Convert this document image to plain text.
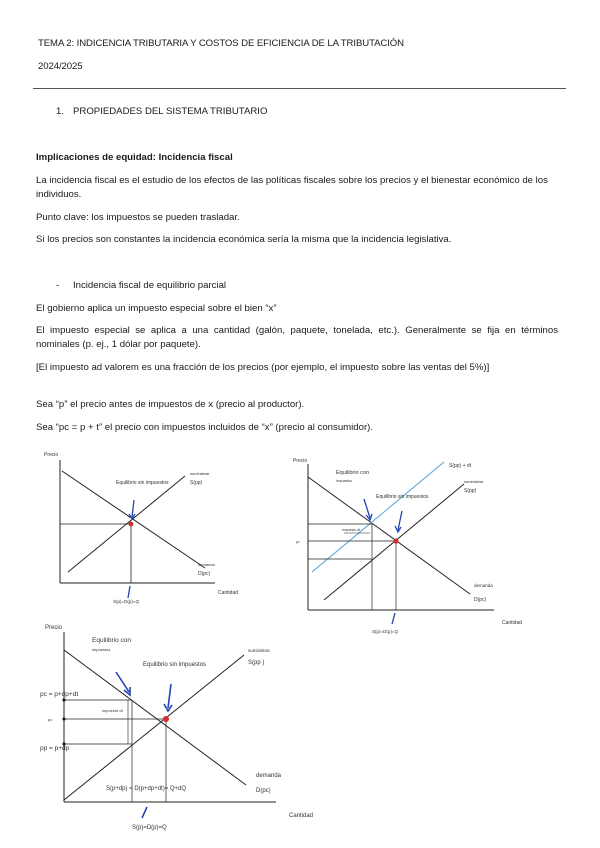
TEMA 2: INDICENCIA TRIBUTARIA Y COSTOS DE EFICIENCIA DE LA TRIBUTACIÓN
2024/2025
1. PROPIEDADES DEL SISTEMA TRIBUTARIO
Implicaciones de equidad: Incidencia fiscal
La incidencia fiscal es el estudio de los efectos de las políticas fiscales sobre los precios y el bienestar económico de los individuos.
Punto clave: los impuestos se pueden trasladar.
Si los precios son constantes la incidencia económica sería la misma que la incidencia legislativa.
- Incidencia fiscal de equilibrio parcial
El gobierno aplica un impuesto especial sobre el bien “x”
El impuesto especial se aplica a una cantidad (galón, paquete, tonelada, etc.). Generalmente se fija en términos nominales (p. ej., 1 dólar por paquete).
[El impuesto ad valorem es una fracción de los precios (por ejemplo, el impuesto sobre las ventas del 5%)]
Sea “p” el precio antes de impuestos de x (precio al productor).
Sea “pc = p + t” el precio con impuestos incluidos de “x” (precio al consumidor).
Precio
Cantidad
Equilibrio sin impuestos
suministrar
S(pp)
demanda
D(pc)
S(p)=D(p)=Q
Precio
Cantidad
Equilibrio con
impuestos
Equilibrio sin impuestos
S(pp) + dt
suministrar
S(pp)
demanda
D(pc)
impuesto dt
pc
S(p)=D(p)=Q
Precio
Cantidad
Equilibrio con
impuestos
Equilibrio sin impuestos
suministrar
S(pp )
demanda
D(pc)
pc = p+dp+dt
pc
pp = p+dp
impuesto dt
S(p+dp) = D(p+dp+dt)= Q+dQ
S(p)=D(p)=Q
